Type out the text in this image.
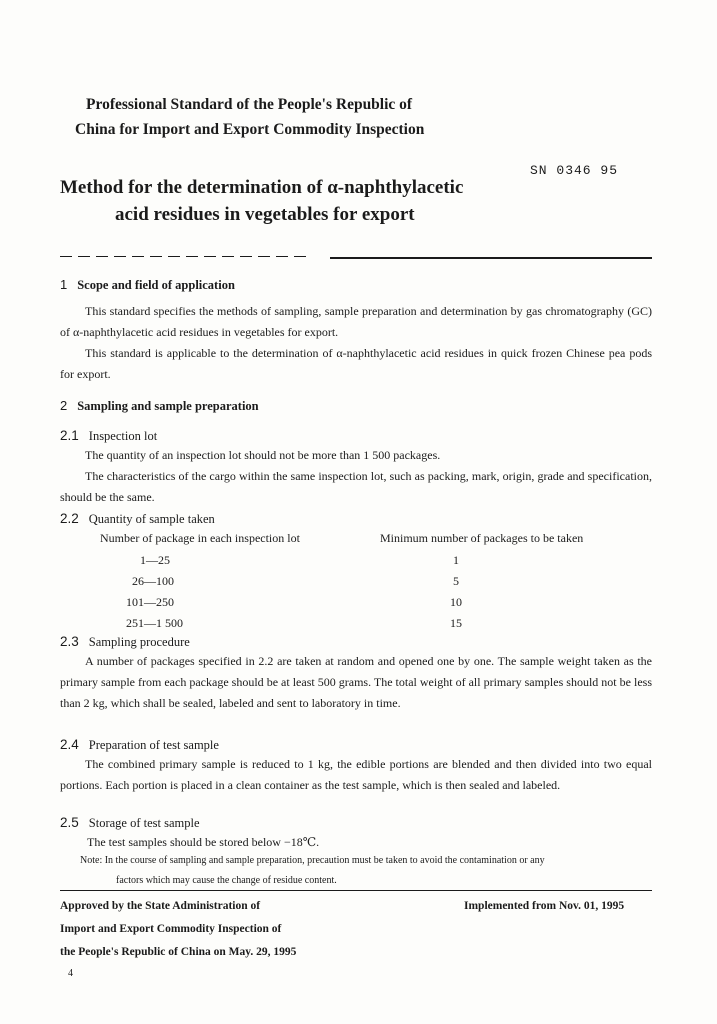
Professional Standard of the People's Republic of
China for Import and Export Commodity Inspection
SN 0346 95
Method for the determination of α-naphthylacetic
acid residues in vegetables for export
1 Scope and field of application
This standard specifies the methods of sampling, sample preparation and determination by gas chromatography (GC) of α-naphthylacetic acid residues in vegetables for export.
This standard is applicable to the determination of α-naphthylacetic acid residues in quick frozen Chinese pea pods for export.
2 Sampling and sample preparation
2.1 Inspection lot
The quantity of an inspection lot should not be more than 1 500 packages.
The characteristics of the cargo within the same inspection lot, such as packing, mark, origin, grade and specification, should be the same.
2.2 Quantity of sample taken
Number of package in each inspection lot	Minimum number of packages to be taken
1—25	1
26—100	5
101—250	10
251—1 500	15
2.3 Sampling procedure
A number of packages specified in 2.2 are taken at random and opened one by one. The sample weight taken as the primary sample from each package should be at least 500 grams. The total weight of all primary samples should not be less than 2 kg, which shall be sealed, labeled and sent to laboratory in time.
2.4 Preparation of test sample
The combined primary sample is reduced to 1 kg, the edible portions are blended and then divided into two equal portions. Each portion is placed in a clean container as the test sample, which is then sealed and labeled.
2.5 Storage of test sample
The test samples should be stored below −18℃.
Note: In the course of sampling and sample preparation, precaution must be taken to avoid the contamination or any
factors which may cause the change of residue content.
Approved by the State Administration of
Import and Export Commodity Inspection of
the People's Republic of China on May. 29, 1995
Implemented from Nov. 01, 1995
4
